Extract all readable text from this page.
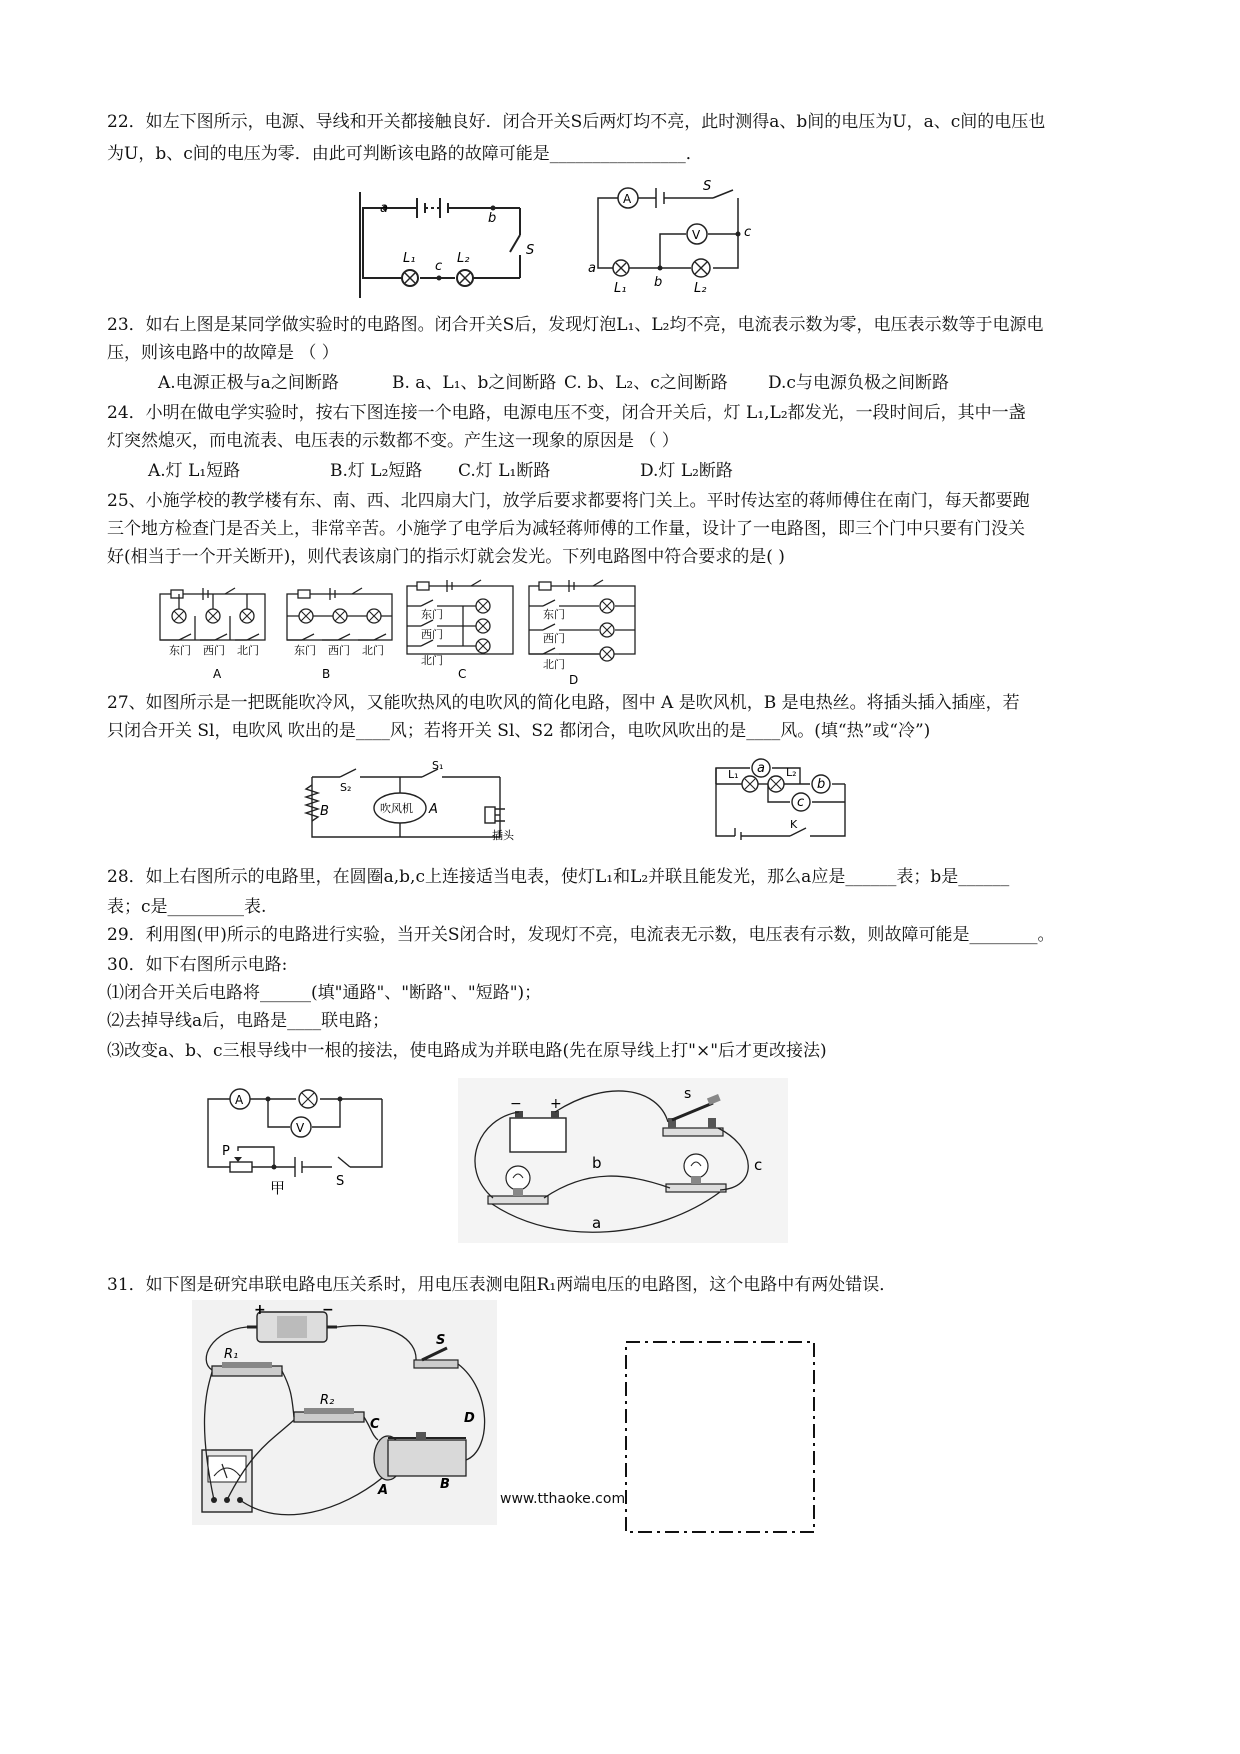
22．如左下图所示，电源、导线和开关都接触良好．闭合开关S后两灯均不亮，此时测得a、b间的电压为U，a、c间的电压也
为U，b、c间的电压为零．由此可判断该电路的故障可能是________________．
a
b
c
S
L₁	L₂
A
V
S
c
a
b
L₁	L₂
23．如右上图是某同学做实验时的电路图。闭合开关S后，发现灯泡L₁、L₂均不亮，电流表示数为零，电压表示数等于电源电
压，则该电路中的故障是 （ ）
A.电源正极与a之间断路	B. a、L₁、b之间断路 C. b、L₂、c之间断路 D.c与电源负极之间断路
24．小明在做电学实验时，按右下图连接一个电路，电源电压不变，闭合开关后，灯 L₁,L₂都发光，一段时间后，其中一盏
灯突然熄灭，而电流表、电压表的示数都不变。产生这一现象的原因是 （ ）
A.灯 L₁短路	B.灯 L₂短路 C.灯 L₁断路	D.灯 L₂断路
25、小施学校的教学楼有东、南、西、北四扇大门，放学后要求都要将门关上。平时传达室的蒋师傅住在南门，每天都要跑
三个地方检查门是否关上，非常辛苦。小施学了电学后为减轻蒋师傅的工作量，设计了一电路图，即三个门中只要有门没关
好(相当于一个开关断开)，则代表该扇门的指示灯就会发光。下列电路图中符合要求的是( )
东门 西门 北门
A
东门 西门 北门
B
东门
西门
北门
C
东门
西门
北门
D
27、如图所示是一把既能吹冷风，又能吹热风的电吹风的简化电路，图中 A 是吹风机，B 是电热丝。将插头插入插座，若
只闭合开关 Sl，电吹风 吹出的是____风；若将开关 Sl、S2 都闭合，电吹风吹出的是____风。(填“热”或“冷”)
吹风机 A
B
S₂
S₁
插头
a
b
c
L₁	L₂
K
28．如上右图所示的电路里，在圆圈a,b,c上连接适当电表，使灯L₁和L₂并联且能发光，那么a应是______表；b是______
表；c是_________表.
29．利用图(甲)所示的电路进行实验，当开关S闭合时，发现灯不亮，电流表无示数，电压表有示数，则故障可能是________。
30．如下右图所示电路:
⑴闭合开关后电路将______(填"通路"、"断路"、"短路")；
⑵去掉导线a后，电路是____联电路；
⑶改变a、b、c三根导线中一根的接法，使电路成为并联电路(先在原导线上打"×"后才更改接法)
A
V
P
S
甲
− +
s
b	c
a
31．如下图是研究串联电路电压关系时，用电压表测电阻R₁两端电压的电路图，这个电路中有两处错误．
+	−
R₁
R₂
S
C	D
A	B
www.tthaoke.com
